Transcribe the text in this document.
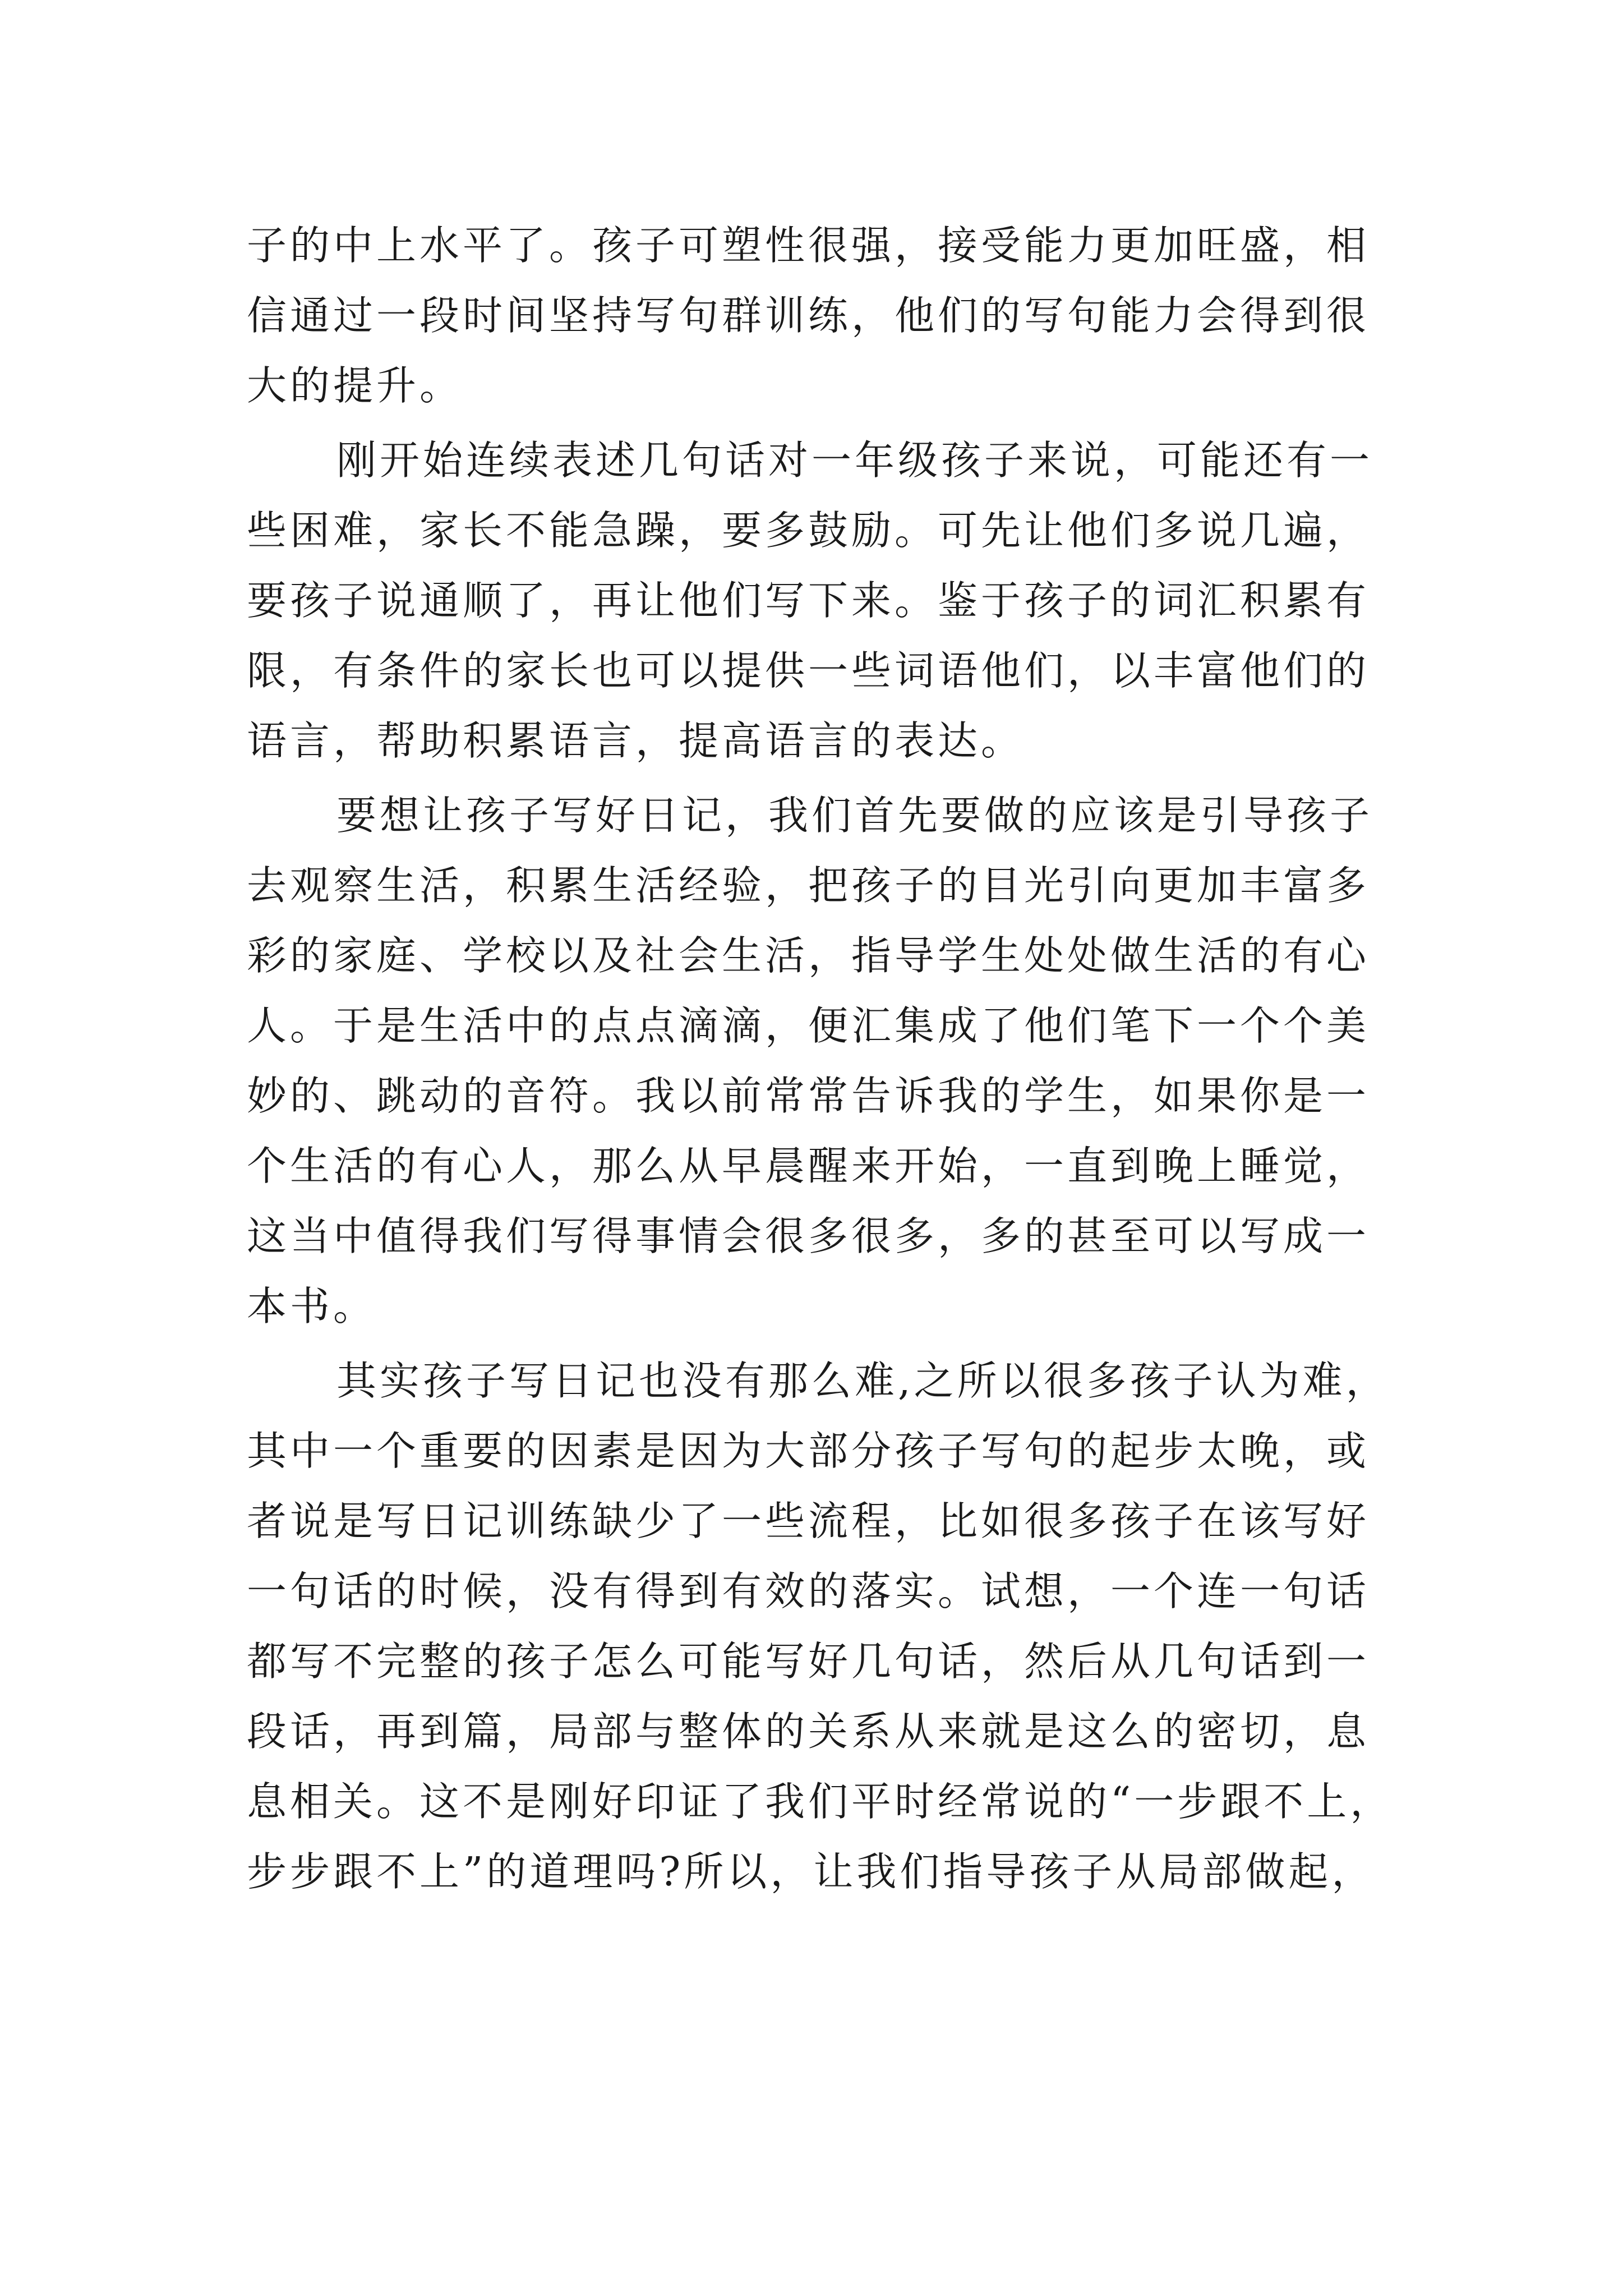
子的中上水平了。孩子可塑性很强，接受能力更加旺盛，相
信通过一段时间坚持写句群训练，他们的写句能力会得到很
大的提升。
刚开始连续表述几句话对一年级孩子来说，可能还有一
些困难，家长不能急躁，要多鼓励。可先让他们多说几遍，
要孩子说通顺了，再让他们写下来。鉴于孩子的词汇积累有
限，有条件的家长也可以提供一些词语他们，以丰富他们的
语言，帮助积累语言，提高语言的表达。
要想让孩子写好日记，我们首先要做的应该是引导孩子
去观察生活，积累生活经验，把孩子的目光引向更加丰富多
彩的家庭、学校以及社会生活，指导学生处处做生活的有心
人。于是生活中的点点滴滴，便汇集成了他们笔下一个个美
妙的、跳动的音符。我以前常常告诉我的学生，如果你是一
个生活的有心人，那么从早晨醒来开始，一直到晚上睡觉，
这当中值得我们写得事情会很多很多，多的甚至可以写成一
本书。
其实孩子写日记也没有那么难,之所以很多孩子认为难，
其中一个重要的因素是因为大部分孩子写句的起步太晚，或
者说是写日记训练缺少了一些流程，比如很多孩子在该写好
一句话的时候，没有得到有效的落实。试想，一个连一句话
都写不完整的孩子怎么可能写好几句话，然后从几句话到一
段话，再到篇，局部与整体的关系从来就是这么的密切，息
息相关。这不是刚好印证了我们平时经常说的“一步跟不上，
步步跟不上”的道理吗?所以，让我们指导孩子从局部做起，
